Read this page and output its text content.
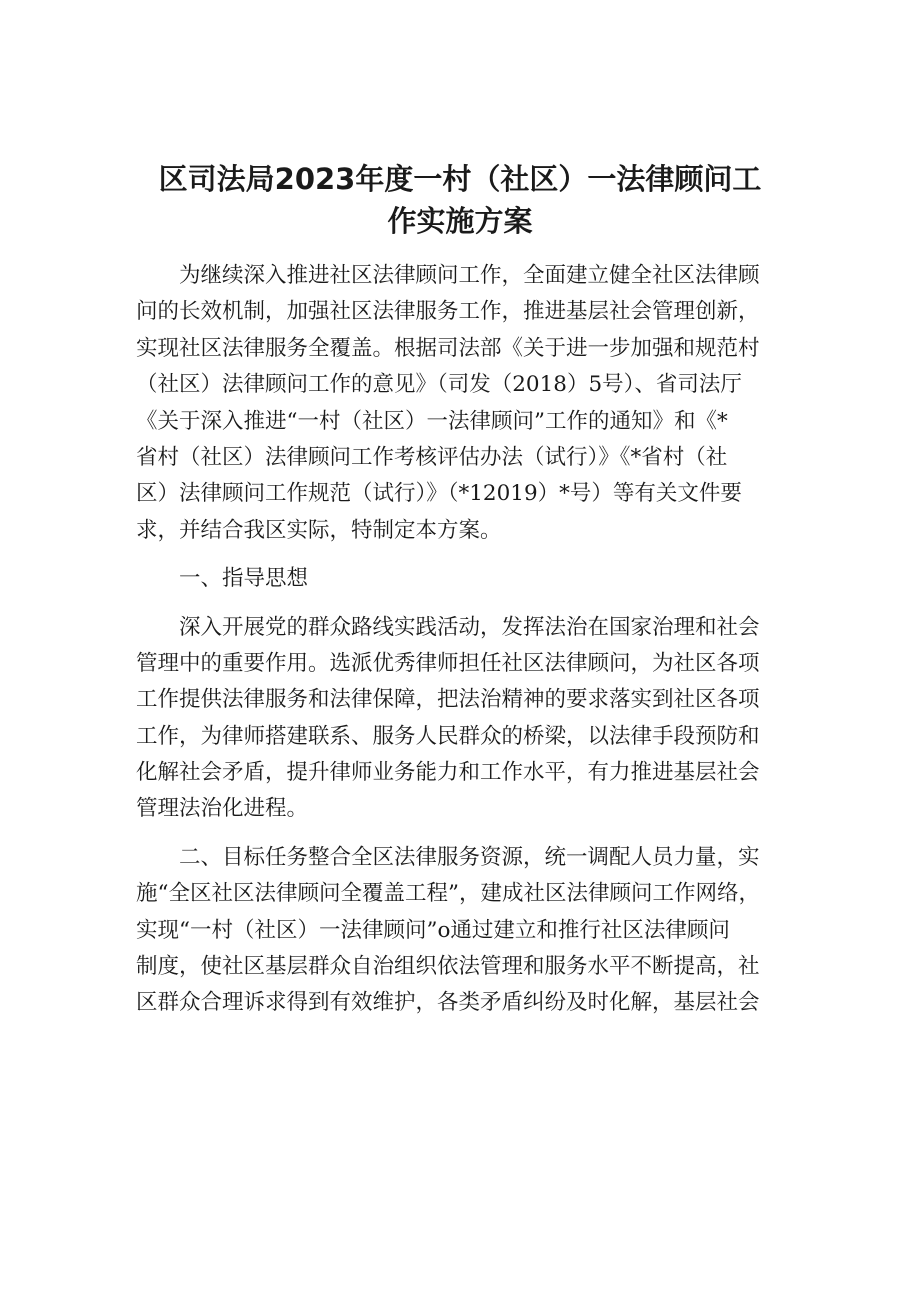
区司法局2023年度一村（社区）一法律顾问工
作实施方案
为继续深入推进社区法律顾问工作，全面建立健全社区法律顾
问的长效机制，加强社区法律服务工作，推进基层社会管理创新，
实现社区法律服务全覆盖。根据司法部《关于进一步加强和规范村
（社区）法律顾问工作的意见》（司发（2018）5号）、省司法厅
《关于深入推进“一村（社区）一法律顾问”工作的通知》和《*
省村（社区）法律顾问工作考核评估办法（试行）》《*省村（社
区）法律顾问工作规范（试行）》（*12019）*号）等有关文件要
求，并结合我区实际，特制定本方案。
一、指导思想
深入开展党的群众路线实践活动，发挥法治在国家治理和社会
管理中的重要作用。选派优秀律师担任社区法律顾问，为社区各项
工作提供法律服务和法律保障，把法治精神的要求落实到社区各项
工作，为律师搭建联系、服务人民群众的桥梁，以法律手段预防和
化解社会矛盾，提升律师业务能力和工作水平，有力推进基层社会
管理法治化进程。
二、目标任务整合全区法律服务资源，统一调配人员力量，实
施“全区社区法律顾问全覆盖工程”，建成社区法律顾问工作网络，
实现“一村（社区）一法律顾问”o通过建立和推行社区法律顾问
制度，使社区基层群众自治组织依法管理和服务水平不断提高，社
区群众合理诉求得到有效维护，各类矛盾纠纷及时化解，基层社会
